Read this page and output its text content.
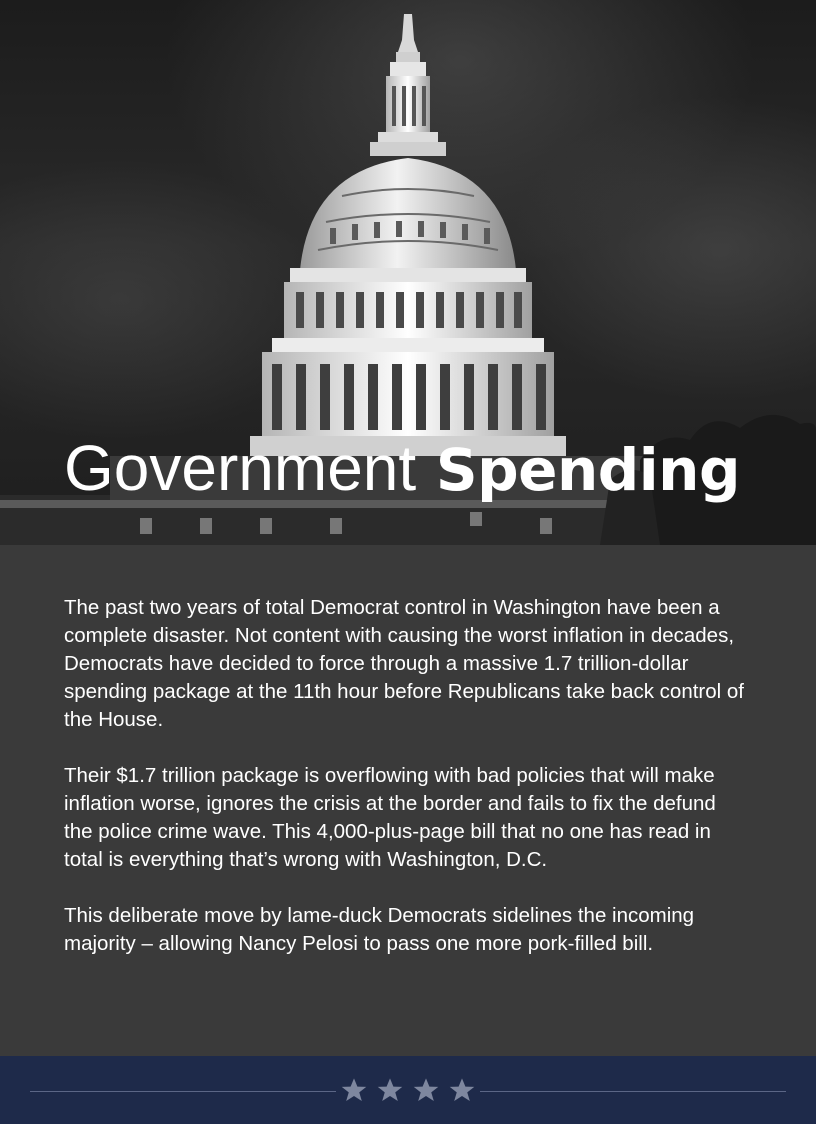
Government Spending

The past two years of total Democrat control in Washington have been a complete disaster. Not content with causing the worst inflation in decades, Democrats have decided to force through a massive 1.7 trillion-dollar spending package at the 11th hour before Republicans take back control of the House.

Their $1.7 trillion package is overflowing with bad policies that will make inflation worse, ignores the crisis at the border and fails to fix the defund the police crime wave. This 4,000-plus-page bill that no one has read in total is everything that’s wrong with Washington, D.C.

This deliberate move by lame-duck Democrats sidelines the incoming majority – allowing Nancy Pelosi to pass one more pork-filled bill.
